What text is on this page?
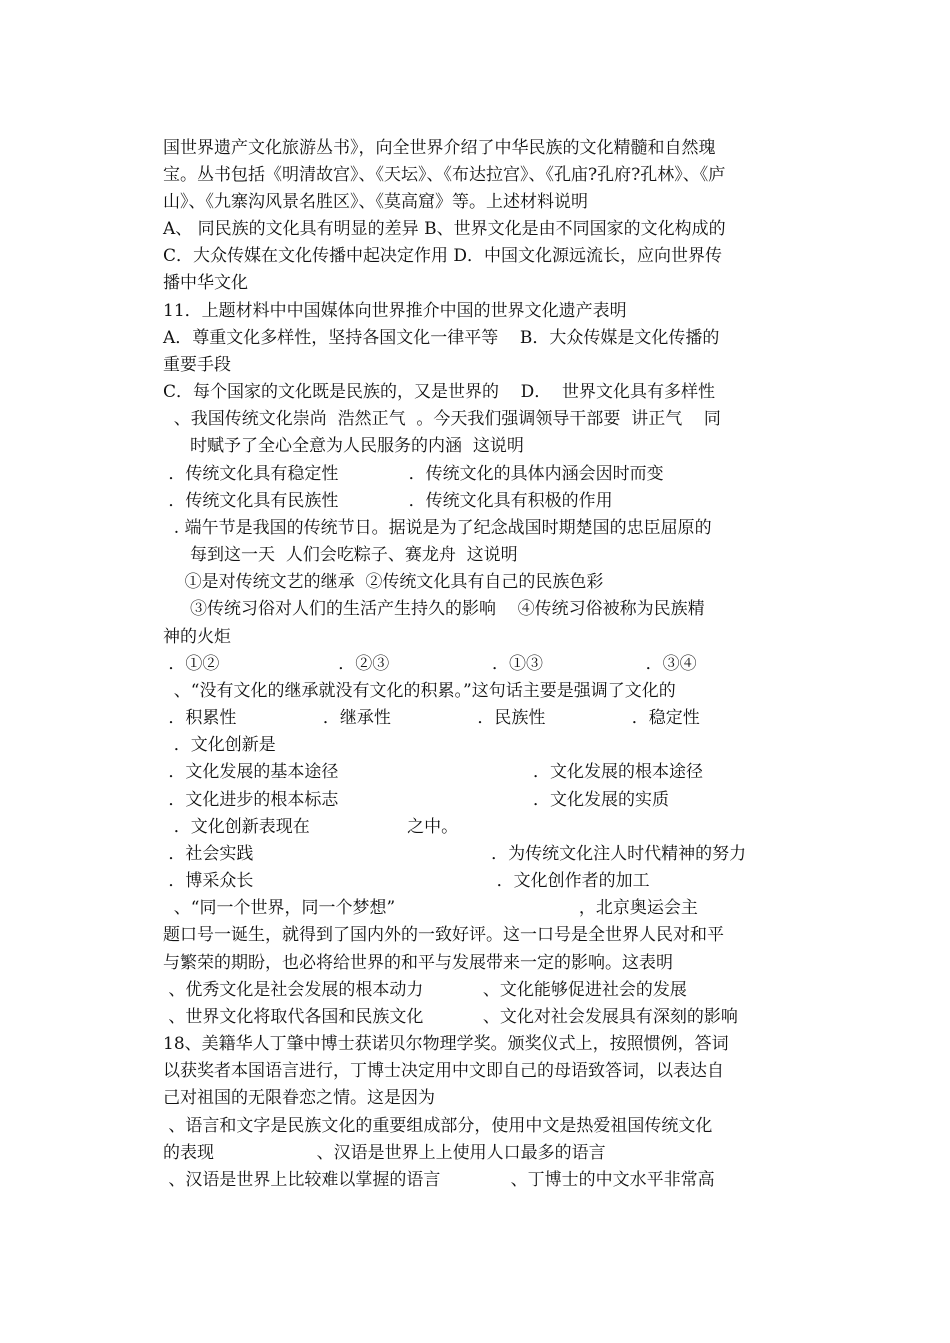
国世界遗产文化旅游丛书》，向全世界介绍了中华民族的文化精髓和自然瑰
宝。丛书包括《明清故宫》、《天坛》、《布达拉宫》、《孔庙?孔府?孔林》、《庐
山》、《九寨沟风景名胜区》、《莫高窟》等。上述材料说明
A、 同民族的文化具有明显的差异 B、世界文化是由不同国家的文化构成的
C．大众传媒在文化传播中起决定作用 D．中国文化源远流长，应向世界传
播中华文化
11．上题材料中中国媒体向世界推介中国的世界文化遗产表明
A．尊重文化多样性，坚持各国文化一律平等    B．大众传媒是文化传播的
重要手段
C．每个国家的文化既是民族的，又是世界的    D．  世界文化具有多样性
、我国传统文化崇尚  浩然正气  。今天我们强调领导干部要  讲正气    同
时赋予了全心全意为人民服务的内涵  这说明
．传统文化具有稳定性             ．传统文化的具体内涵会因时而变
．传统文化具有民族性             ．传统文化具有积极的作用
. 端午节是我国的传统节日。据说是为了纪念战国时期楚国的忠臣屈原的
每到这一天  人们会吃粽子、赛龙舟  这说明
①是对传统文艺的继承  ②传统文化具有自己的民族色彩
③传统习俗对人们的生活产生持久的影响    ④传统习俗被称为民族精
神的火炬
．①②                      ．②③                   ．①③                   ．③④
、“没有文化的继承就没有文化的积累。”这句话主要是强调了文化的
．积累性                ．继承性                ．民族性                ．稳定性
．文化创新是
．文化发展的基本途径                                    ．文化发展的根本途径
．文化进步的根本标志                                    ．文化发展的实质
．文化创新表现在                  之中。
．社会实践                                            ．为传统文化注人时代精神的努力
．博采众长                                             ．文化创作者的加工
、“同一个世界，同一个梦想”                                  ，北京奥运会主
题口号一诞生，就得到了国内外的一致好评。这一口号是全世界人民对和平
与繁荣的期盼，也必将给世界的和平与发展带来一定的影响。这表明
、优秀文化是社会发展的根本动力           、文化能够促进社会的发展
、世界文化将取代各国和民族文化           、文化对社会发展具有深刻的影响
18、美籍华人丁肇中博士获诺贝尔物理学奖。颁奖仪式上，按照惯例，答词
以获奖者本国语言进行，丁博士决定用中文即自己的母语致答词，以表达自
己对祖国的无限眷恋之情。这是因为
、语言和文字是民族文化的重要组成部分，使用中文是热爱祖国传统文化
的表现                   、汉语是世界上上使用人口最多的语言
、汉语是世界上比较难以掌握的语言             、丁博士的中文水平非常高
